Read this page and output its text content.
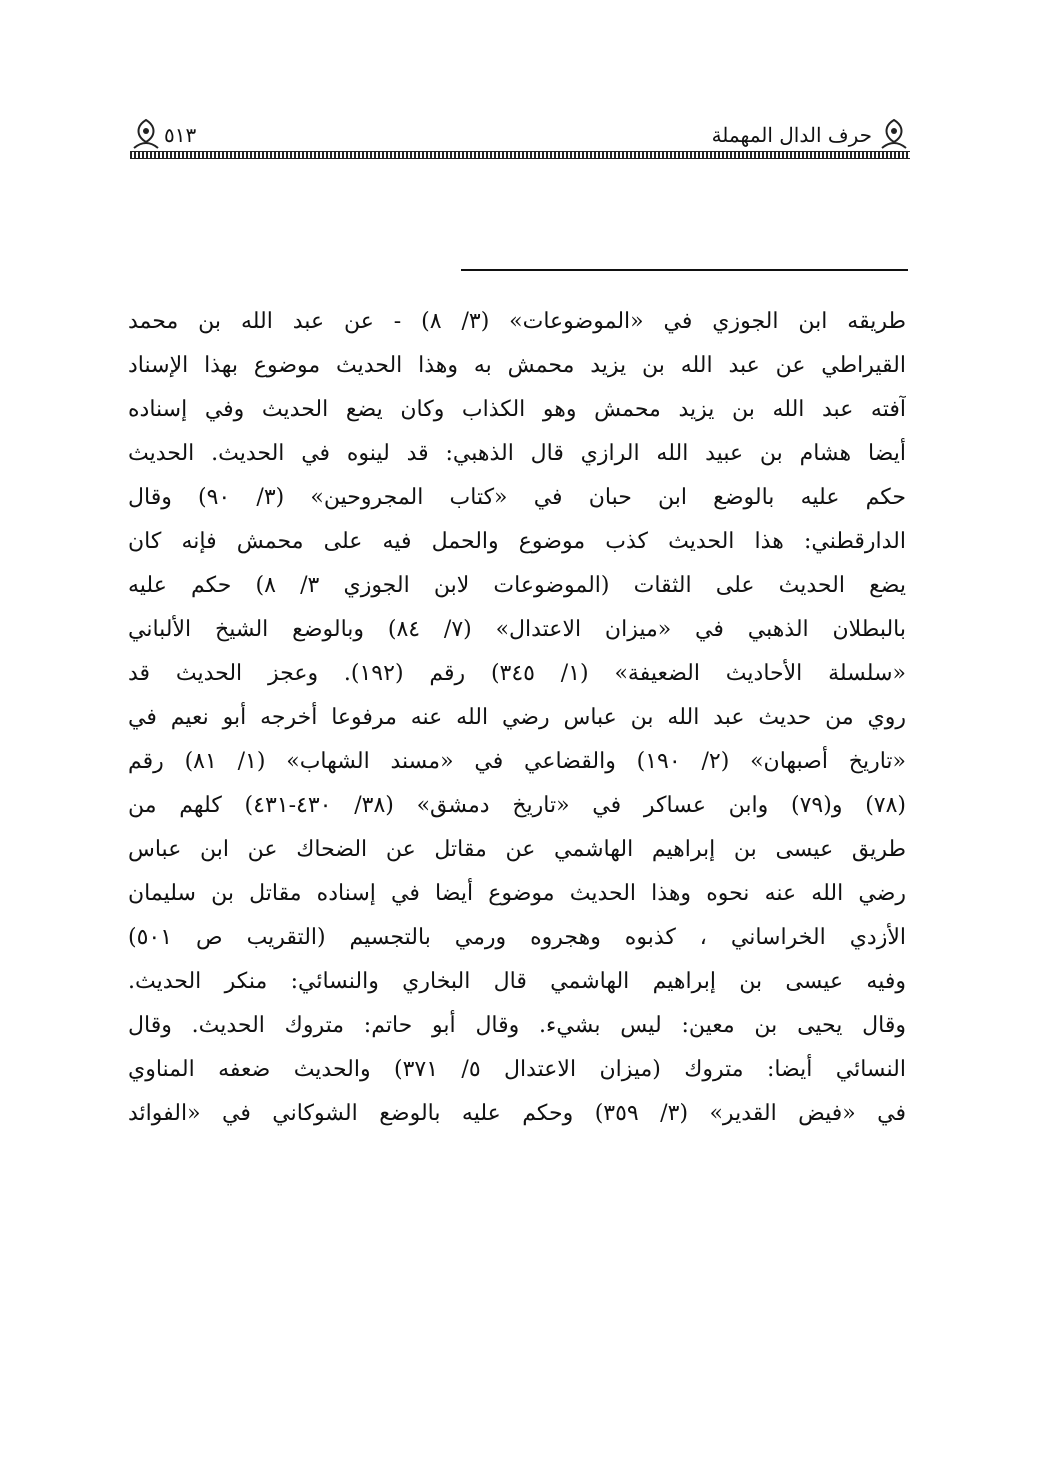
حرف الدال المهملة
٥١٣
طريقه ابن الجوزي في «الموضوعات» (٣/ ٨) - عن عبد الله بن محمد
القيراطي عن عبد الله بن يزيد محمش به وهذا الحديث موضوع بهذا الإسناد
آفته عبد الله بن يزيد محمش وهو الكذاب وكان يضع الحديث وفي إسناده
أيضا هشام بن عبيد الله الرازي قال الذهبي: قد لينوه في الحديث. الحديث
حكم عليه بالوضع ابن حبان في «كتاب المجروحين» (٣/ ٩٠) وقال
الدارقطني: هذا الحديث كذب موضوع والحمل فيه على محمش فإنه كان
يضع الحديث على الثقات (الموضوعات لابن الجوزي ٣/ ٨) حكم عليه
بالبطلان الذهبي في «ميزان الاعتدال» (٧/ ٨٤) وبالوضع الشيخ الألباني
«سلسلة الأحاديث الضعيفة» (١/ ٣٤٥) رقم (١٩٢). وعجز الحديث قد
روي من حديث عبد الله بن عباس رضي الله عنه مرفوعا أخرجه أبو نعيم في
«تاريخ أصبهان» (٢/ ١٩٠) والقضاعي في «مسند الشهاب» (١/ ٨١) رقم
(٧٨) و(٧٩) وابن عساكر في «تاريخ دمشق» (٣٨/ ٤٣٠-٤٣١) كلهم من
طريق عيسى بن إبراهيم الهاشمي عن مقاتل عن الضحاك عن ابن عباس
رضي الله عنه نحوه وهذا الحديث موضوع أيضا في إسناده مقاتل بن سليمان
الأزدي الخراساني ، كذبوه وهجروه ورمي بالتجسيم (التقريب ص ٥٠١)
وفيه عيسى بن إبراهيم الهاشمي قال البخاري والنسائي: منكر الحديث.
وقال يحيى بن معين: ليس بشيء. وقال أبو حاتم: متروك الحديث. وقال
النسائي أيضا: متروك (ميزان الاعتدال ٥/ ٣٧١) والحديث ضعفه المناوي
في «فيض القدير» (٣/ ٣٥٩) وحكم عليه بالوضع الشوكاني في «الفوائد
